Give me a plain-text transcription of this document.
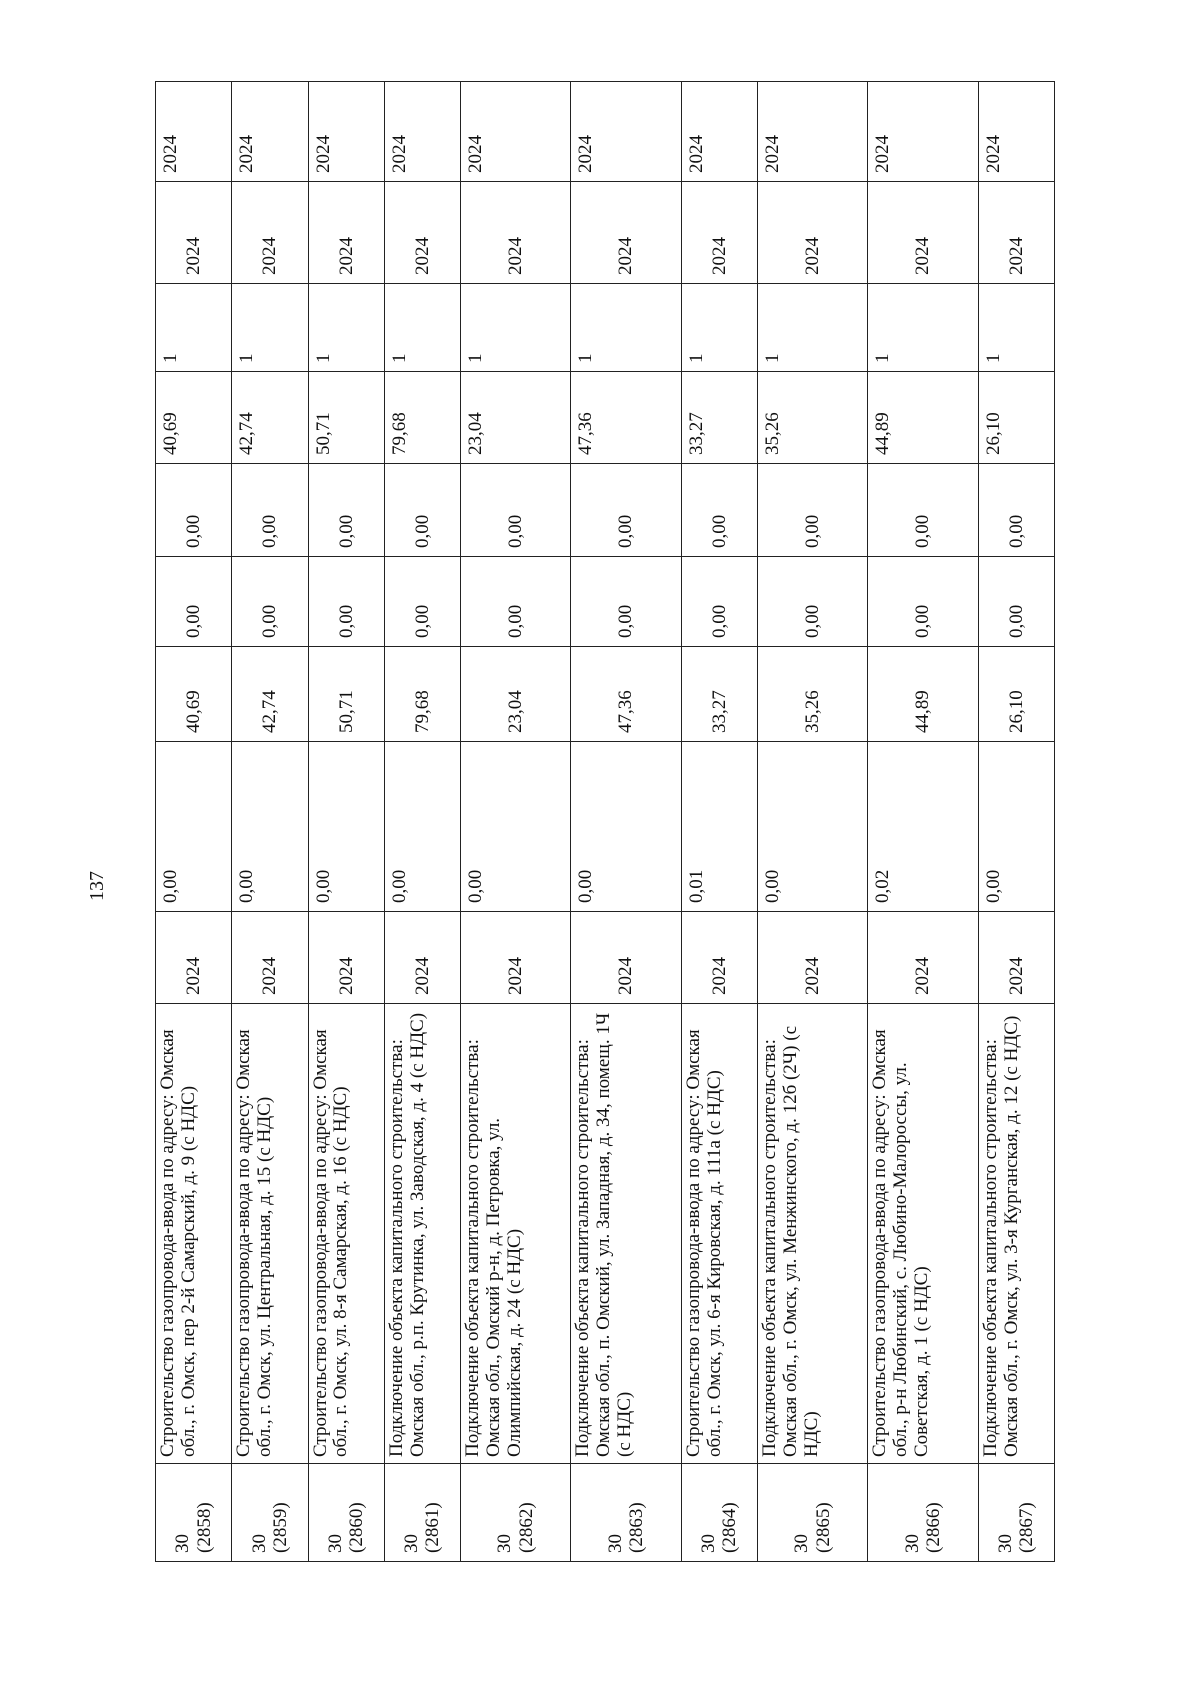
137
30 (2858)	Строительство газопровода-ввода по адресу: Омская обл., г. Омск, пер 2-й Самарский, д. 9 (с НДС)	2024	0,00	40,69	0,00	0,00	40,69	1	2024	2024

30 (2859)	Строительство газопровода-ввода по адресу: Омская обл., г. Омск, ул. Центральная, д. 15 (с НДС)	2024	0,00	42,74	0,00	0,00	42,74	1	2024	2024

30 (2860)	Строительство газопровода-ввода по адресу: Омская обл., г. Омск, ул. 8-я Самарская, д. 16 (с НДС)	2024	0,00	50,71	0,00	0,00	50,71	1	2024	2024

30 (2861)	Подключение объекта капитального строительства: Омская обл., р.п. Крутинка, ул. Заводская, д. 4 (с НДС)	2024	0,00	79,68	0,00	0,00	79,68	1	2024	2024

30 (2862)	Подключение объекта капитального строительства: Омская обл., Омский р-н, д. Петровка, ул. Олимпийская, д. 24 (с НДС)	2024	0,00	23,04	0,00	0,00	23,04	1	2024	2024

30 (2863)	Подключение объекта капитального строительства: Омская обл., п. Омский, ул. Западная, д. 34, помещ. 1Ч (с НДС)	2024	0,00	47,36	0,00	0,00	47,36	1	2024	2024

30 (2864)	Строительство газопровода-ввода по адресу: Омская обл., г. Омск, ул. 6-я Кировская, д. 111а (с НДС)	2024	0,01	33,27	0,00	0,00	33,27	1	2024	2024

30 (2865)	Подключение объекта капитального строительства: Омская обл., г. Омск, ул. Менжинского, д. 12б (2Ч) (с НДС)	2024	0,00	35,26	0,00	0,00	35,26	1	2024	2024

30 (2866)	Строительство газопровода-ввода по адресу: Омская обл., р-н Любинский, с. Любино-Малороссы, ул. Советская, д. 1 (с НДС)	2024	0,02	44,89	0,00	0,00	44,89	1	2024	2024

30 (2867)	Подключение объекта капитального строительства: Омская обл., г. Омск, ул. 3-я Курганская, д. 12 (с НДС)	2024	0,00	26,10	0,00	0,00	26,10	1	2024	2024
